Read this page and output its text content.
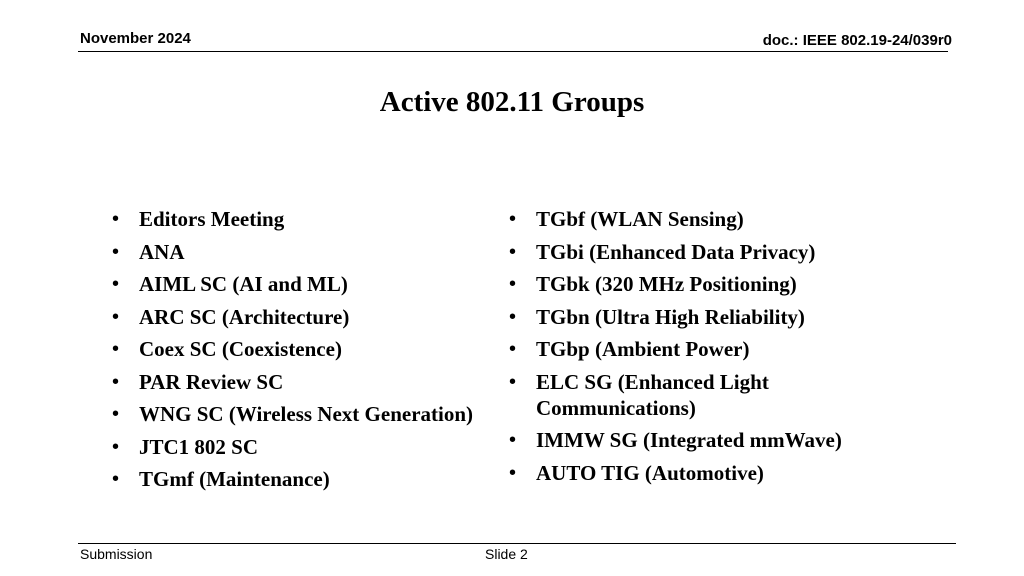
November 2024	doc.: IEEE 802.19-24/039r0
Active 802.11 Groups
• Editors Meeting
• ANA
• AIML SC (AI and ML)
• ARC SC (Architecture)
• Coex SC (Coexistence)
• PAR Review SC
• WNG SC (Wireless Next Generation)
• JTC1 802 SC
• TGmf (Maintenance)
• TGbf (WLAN Sensing)
• TGbi (Enhanced Data Privacy)
• TGbk (320 MHz Positioning)
• TGbn (Ultra High Reliability)
• TGbp (Ambient Power)
• ELC SG (Enhanced Light Communications)
• IMMW SG (Integrated mmWave)
• AUTO TIG (Automotive)
Submission	Slide 2
